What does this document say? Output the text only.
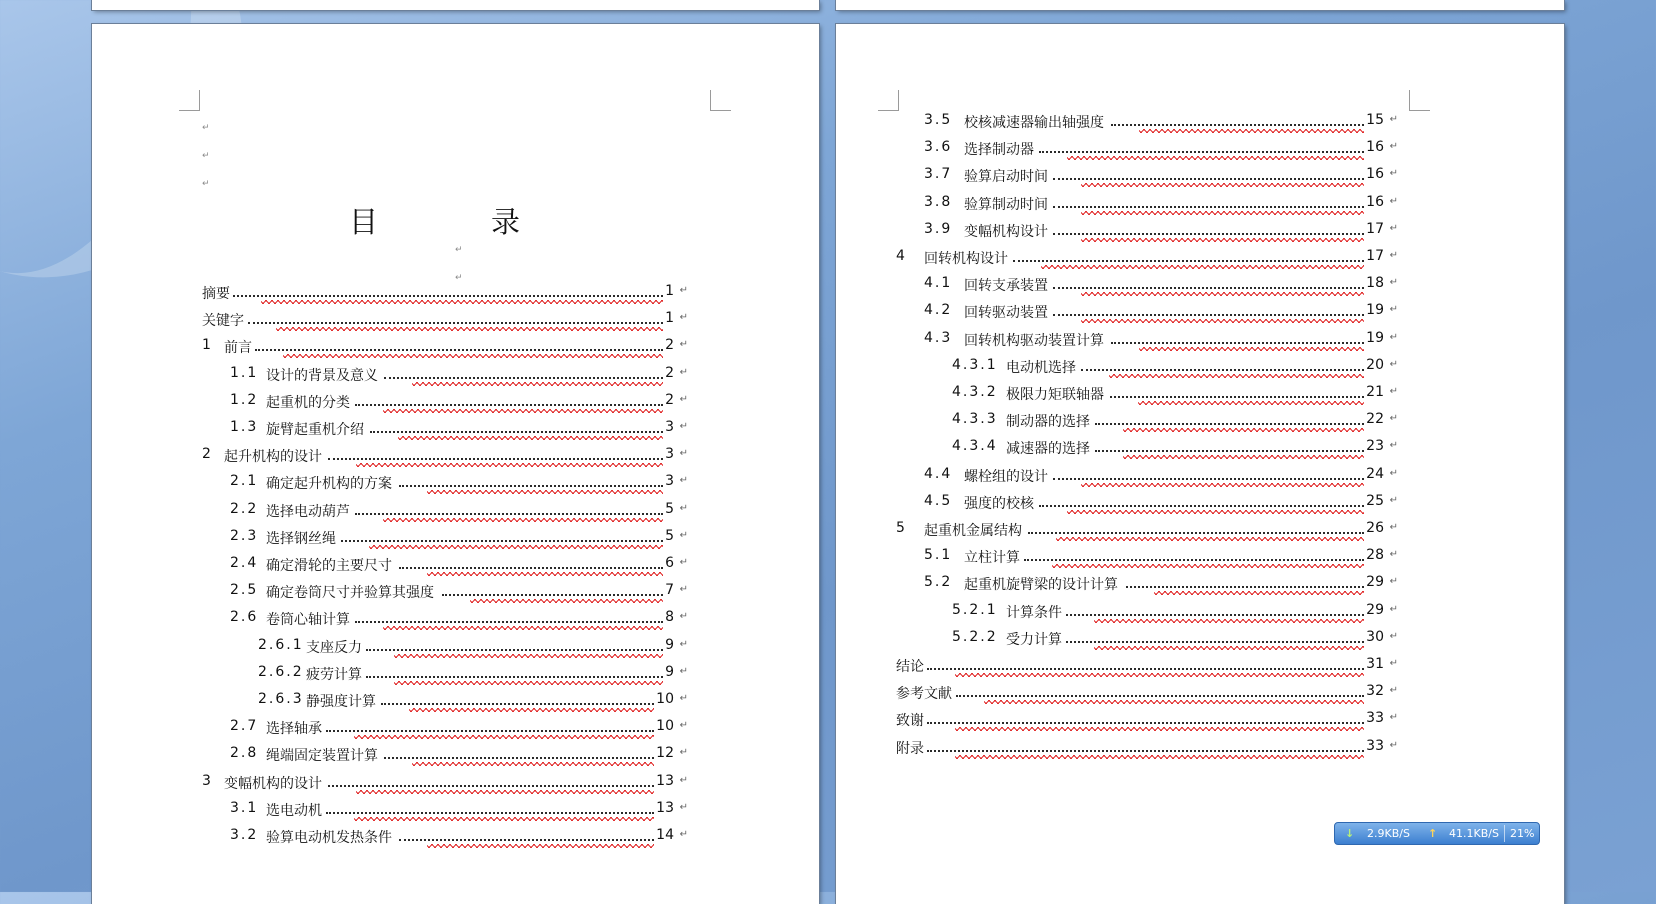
↵
↵
↵
目　录
↵
↵
摘要	1 ↵
关键字	1 ↵
1 前言	2 ↵
1.1 设计的背景及意义	2 ↵
1.2 起重机的分类	2 ↵
1.3 旋臂起重机介绍	3 ↵
2 起升机构的设计	3 ↵
2.1 确定起升机构的方案	3 ↵
2.2 选择电动葫芦	5 ↵
2.3 选择钢丝绳	5 ↵
2.4 确定滑轮的主要尺寸	6 ↵
2.5 确定卷筒尺寸并验算其强度	7 ↵
2.6 卷筒心轴计算	8 ↵
2.6.1 支座反力	9 ↵
2.6.2 疲劳计算	9 ↵
2.6.3 静强度计算	10 ↵
2.7 选择轴承	10 ↵
2.8 绳端固定装置计算	12 ↵
3 变幅机构的设计	13 ↵
3.1 选电动机	13 ↵
3.2 验算电动机发热条件	14 ↵
3.5 校核减速器输出轴强度	15 ↵
3.6 选择制动器	16 ↵
3.7 验算启动时间	16 ↵
3.8 验算制动时间	16 ↵
3.9 变幅机构设计	17 ↵
4 回转机构设计	17 ↵
4.1 回转支承装置	18 ↵
4.2 回转驱动装置	19 ↵
4.3 回转机构驱动装置计算	19 ↵
4.3.1 电动机选择	20 ↵
4.3.2 极限力矩联轴器	21 ↵
4.3.3 制动器的选择	22 ↵
4.3.4 减速器的选择	23 ↵
4.4 螺栓组的设计	24 ↵
4.5 强度的校核	25 ↵
5 起重机金属结构	26 ↵
5.1 立柱计算	28 ↵
5.2 起重机旋臂梁的设计计算	29 ↵
5.2.1 计算条件	29 ↵
5.2.2 受力计算	30 ↵
结论	31 ↵
参考文献	32 ↵
致谢	33 ↵
附录	33 ↵
↓ 2.9KB/S ↑ 41.1KB/S 21%
